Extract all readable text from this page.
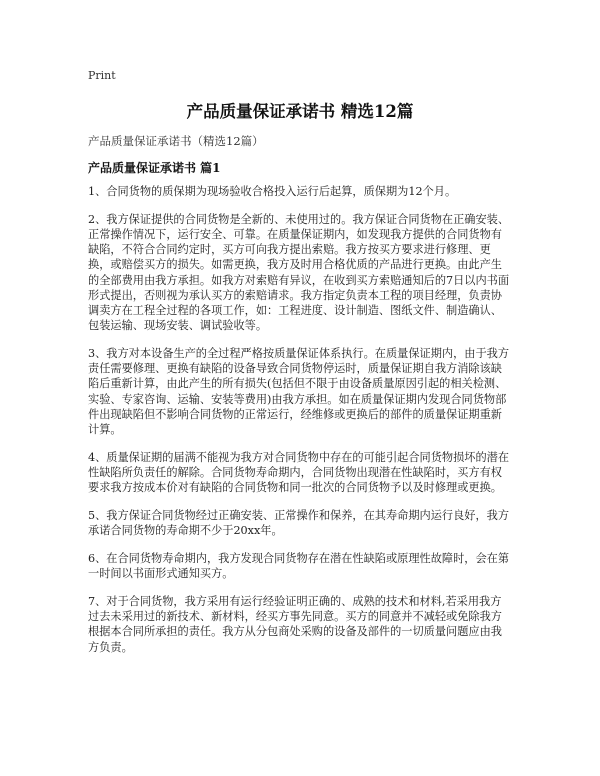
Print
产品质量保证承诺书 精选12篇
产品质量保证承诺书（精选12篇）
产品质量保证承诺书 篇1

1、合同货物的质保期为现场验收合格投入运行后起算，质保期为12个月。

2、我方保证提供的合同货物是全新的、未使用过的。我方保证合同货物在正确安装、正常操作情况下，运行安全、可靠。在质量保证期内，如发现我方提供的合同货物有缺陷，不符合合同约定时，买方可向我方提出索赔。我方按买方要求进行修理、更换，或赔偿买方的损失。如需更换，我方及时用合格优质的产品进行更换。由此产生的全部费用由我方承担。如我方对索赔有异议，在收到买方索赔通知后的7日以内书面形式提出，否则视为承认买方的索赔请求。我方指定负责本工程的项目经理，负责协调卖方在工程全过程的各项工作，如：工程进度、设计制造、图纸文件、制造确认、包装运输、现场安装、调试验收等。

3、我方对本设备生产的全过程严格按质量保证体系执行。在质量保证期内，由于我方责任需要修理、更换有缺陷的设备导致合同货物停运时，质量保证期自我方消除该缺陷后重新计算，由此产生的所有损失(包括但不限于由设备质量原因引起的相关检测、实验、专家咨询、运输、安装等费用)由我方承担。如在质量保证期内发现合同货物部件出现缺陷但不影响合同货物的正常运行，经维修或更换后的部件的质量保证期重新计算。

4、质量保证期的届满不能视为我方对合同货物中存在的可能引起合同货物损坏的潜在性缺陷所负责任的解除。合同货物寿命期内，合同货物出现潜在性缺陷时，买方有权要求我方按成本价对有缺陷的合同货物和同一批次的合同货物予以及时修理或更换。

5、我方保证合同货物经过正确安装、正常操作和保养，在其寿命期内运行良好，我方承诺合同货物的寿命期不少于20xx年。

6、在合同货物寿命期内，我方发现合同货物存在潜在性缺陷或原理性故障时，会在第一时间以书面形式通知买方。

7、对于合同货物，我方采用有运行经验证明正确的、成熟的技术和材料,若采用我方过去未采用过的新技术、新材料，经买方事先同意。买方的同意并不减轻或免除我方根据本合同所承担的责任。我方从分包商处采购的设备及部件的一切质量问题应由我方负责。
